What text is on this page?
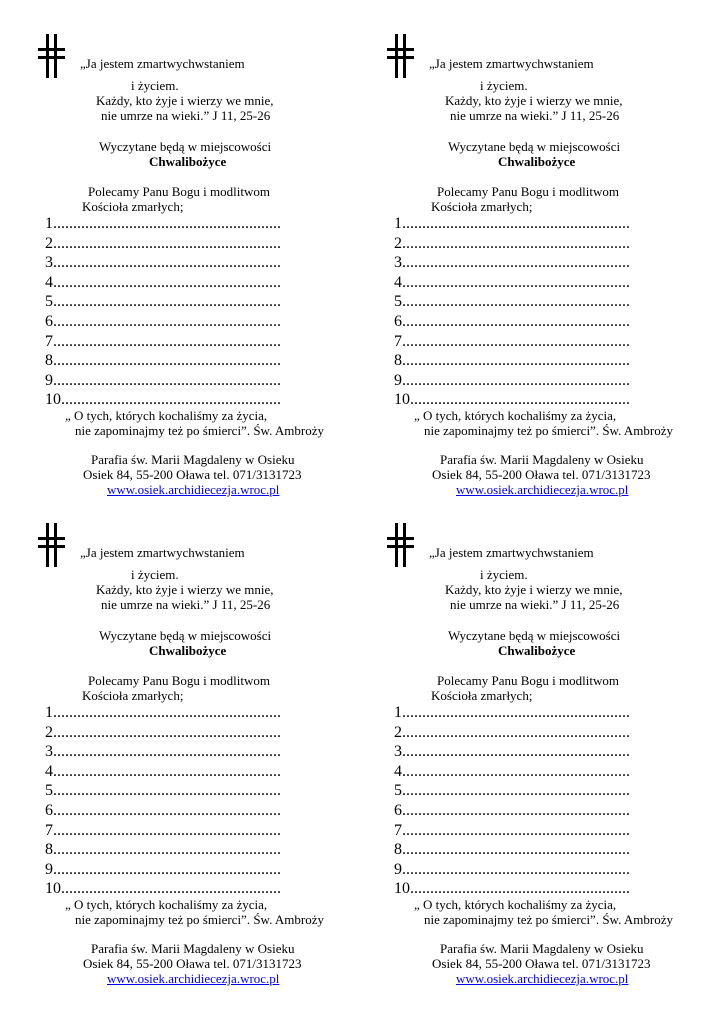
„Ja jestem zmartwychwstaniem
i życiem.
Każdy, kto żyje i wierzy we mnie,
nie umrze na wieki.” J 11, 25-26
Wyczytane będą w miejscowości
Chwalibożyce
Polecamy Panu Bogu i modlitwom
Kościoła zmarłych;
1.........................................................
2.........................................................
3.........................................................
4.........................................................
5.........................................................
6.........................................................
7.........................................................
8.........................................................
9.........................................................
10.......................................................
„ O tych, których kochaliśmy za życia,
nie zapominajmy też po śmierci”. Św. Ambroży
Parafia św. Marii Magdaleny w Osieku
Osiek 84, 55-200 Oława tel. 071/3131723
www.osiek.archidiecezja.wroc.pl
„Ja jestem zmartwychwstaniem
i życiem.
Każdy, kto żyje i wierzy we mnie,
nie umrze na wieki.” J 11, 25-26
Wyczytane będą w miejscowości
Chwalibożyce
Polecamy Panu Bogu i modlitwom
Kościoła zmarłych;
1.........................................................
2.........................................................
3.........................................................
4.........................................................
5.........................................................
6.........................................................
7.........................................................
8.........................................................
9.........................................................
10.......................................................
„ O tych, których kochaliśmy za życia,
nie zapominajmy też po śmierci”. Św. Ambroży
Parafia św. Marii Magdaleny w Osieku
Osiek 84, 55-200 Oława tel. 071/3131723
www.osiek.archidiecezja.wroc.pl
„Ja jestem zmartwychwstaniem
i życiem.
Każdy, kto żyje i wierzy we mnie,
nie umrze na wieki.” J 11, 25-26
Wyczytane będą w miejscowości
Chwalibożyce
Polecamy Panu Bogu i modlitwom
Kościoła zmarłych;
1.........................................................
2.........................................................
3.........................................................
4.........................................................
5.........................................................
6.........................................................
7.........................................................
8.........................................................
9.........................................................
10.......................................................
„ O tych, których kochaliśmy za życia,
nie zapominajmy też po śmierci”. Św. Ambroży
Parafia św. Marii Magdaleny w Osieku
Osiek 84, 55-200 Oława tel. 071/3131723
www.osiek.archidiecezja.wroc.pl
„Ja jestem zmartwychwstaniem
i życiem.
Każdy, kto żyje i wierzy we mnie,
nie umrze na wieki.” J 11, 25-26
Wyczytane będą w miejscowości
Chwalibożyce
Polecamy Panu Bogu i modlitwom
Kościoła zmarłych;
1.........................................................
2.........................................................
3.........................................................
4.........................................................
5.........................................................
6.........................................................
7.........................................................
8.........................................................
9.........................................................
10.......................................................
„ O tych, których kochaliśmy za życia,
nie zapominajmy też po śmierci”. Św. Ambroży
Parafia św. Marii Magdaleny w Osieku
Osiek 84, 55-200 Oława tel. 071/3131723
www.osiek.archidiecezja.wroc.pl
